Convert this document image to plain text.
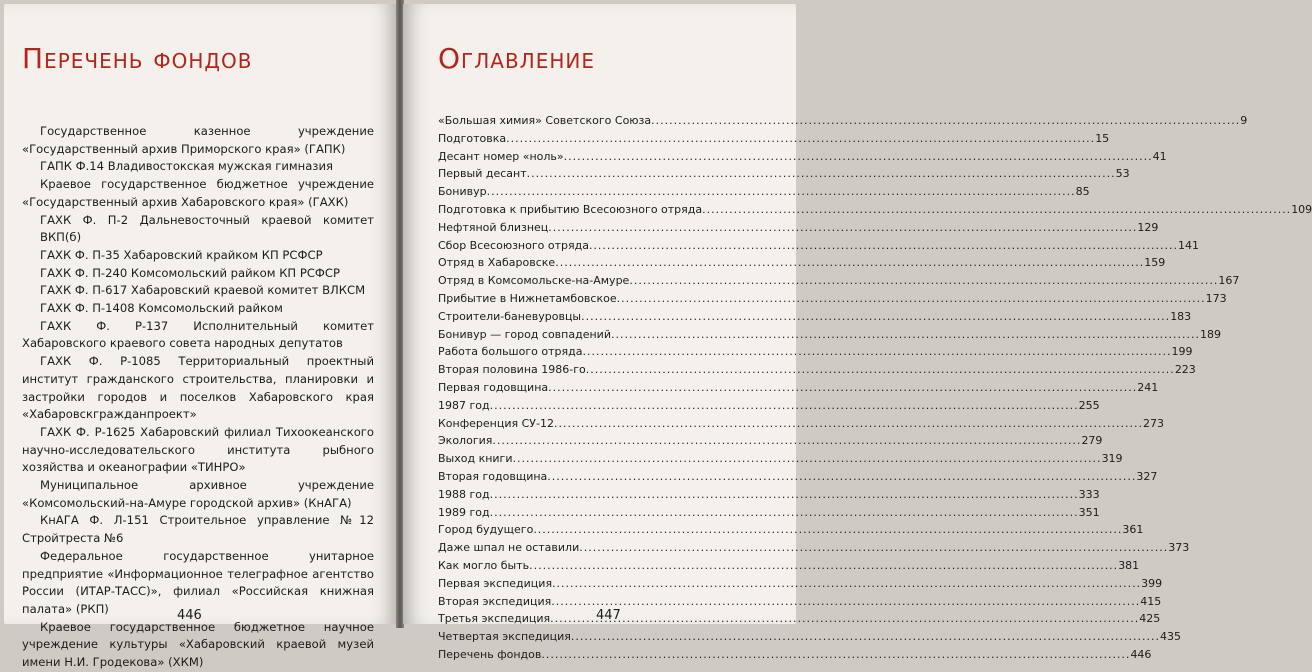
Перечень фондов
Государственное казенное учреждение «Государственный архив Приморского края» (ГАПК)
ГАПК Ф.14 Владивостокская мужская гимназия
Краевое государственное бюджетное учреждение «Государственный архив Хабаровского края» (ГАХК)
ГАХК Ф. П-2 Дальневосточный краевой комитет ВКП(б)
ГАХК Ф. П-35 Хабаровский крайком КП РСФСР
ГАХК Ф. П-240 Комсомольский райком КП РСФСР
ГАХК Ф. П-617 Хабаровский краевой комитет ВЛКСМ
ГАХК Ф. П-1408 Комсомольский райком
ГАХК Ф. Р-137 Исполнительный комитет Хабаровского краевого совета народных депутатов
ГАХК Ф. Р-1085 Территориальный проектный институт гражданского строительства, планировки и застройки городов и поселков Хабаровского края «Хабаровскгражданпроект»
ГАХК Ф. Р-1625 Хабаровский филиал Тихоокеанского научно-исследовательского института рыбного хозяйства и океанографии «ТИНРО»
Муниципальное архивное учреждение «Комсомольский-на-Амуре городской архив» (КнАГА)
КнАГА Ф. Л-151 Строительное управление №12 Стройтреста №6
Федеральное государственное унитарное предприятие «Информационное телеграфное агентство России (ИТАР-ТАСС)», филиал «Российская книжная палата» (РКП)
Краевое государственное бюджетное научное учреждение культуры «Хабаровский краевой музей имени Н.И. Гродекова» (ХКМ)
446
Оглавление
«Большая химия» Советского Союза .....	9
Подготовка .....	15
Десант номер «ноль» .....	41
Первый десант .....	53
Бонивур .....	85
Подготовка к прибытию Всесоюзного отряда .....	109
Нефтяной близнец .....	129
Сбор Всесоюзного отряда .....	141
Отряд в Хабаровске .....	159
Отряд в Комсомольске-на-Амуре .....	167
Прибытие в Нижнетамбовское .....	173
Строители-баневуровцы .....	183
Бонивур — город совпадений .....	189
Работа большого отряда .....	199
Вторая половина 1986-го .....	223
Первая годовщина .....	241
1987 год .....	255
Конференция СУ-12 .....	273
Экология .....	279
Выход книги .....	319
Вторая годовщина .....	327
1988 год .....	333
1989 год .....	351
Город будущего .....	361
Даже шпал не оставили .....	373
Как могло быть .....	381
Первая экспедиция .....	399
Вторая экспедиция .....	415
Третья экспедиция .....	425
Четвертая экспедиция .....	435
Перечень фондов .....	446
447
